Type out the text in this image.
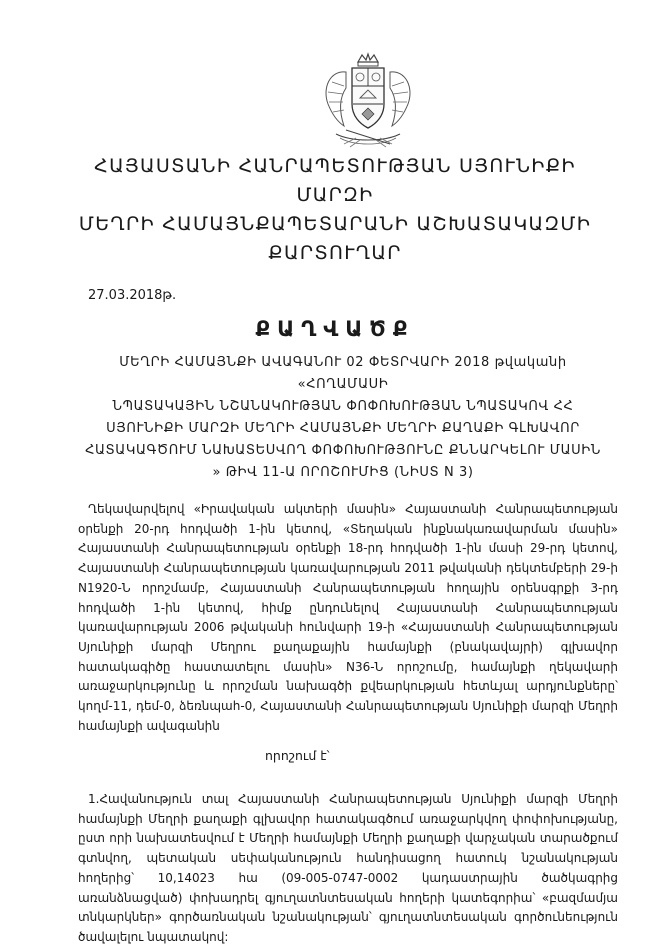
ՀԱՅԱՍՏԱՆԻ ՀԱՆՐԱՊԵՏՈՒԹՅԱՆ ՍՅՈՒՆԻՔԻ ՄԱՐԶԻ
ՄԵՂՐԻ ՀԱՄԱՅՆՔԱՊԵՏԱՐԱՆԻ ԱՇԽԱՏԱԿԱԶՄԻ
ՔԱՐՏՈՒՂԱՐ
27.03.2018թ.
ՔԱՂՎԱԾՔ
ՄԵՂՐԻ ՀԱՄԱՅՆՔԻ ԱՎԱԳԱՆՈՒ 02 ՓԵՏՐՎԱՐԻ 2018 թվականի «ՀՈՂԱՄԱՍԻ
ՆՊԱՏԱԿԱՅԻՆ ՆՇԱՆԱԿՈՒԹՅԱՆ ՓՈՓՈԽՈՒԹՅԱՆ ՆՊԱՏԱԿՈՎ ՀՀ
ՍՅՈՒՆԻՔԻ ՄԱՐԶԻ ՄԵՂՐԻ ՀԱՄԱՅՆՔԻ ՄԵՂՐԻ ՔԱՂԱՔԻ ԳԼԽԱՎՈՐ
ՀԱՏԱԿԱԳԾՈՒՄ ՆԱԽԱՏԵՍՎՈՂ ՓՈՓՈԽՈՒԹՅՈՒՆԸ ՔՆՆԱՐԿԵԼՈՒ ՄԱՍԻՆ
» ԹԻՎ 11-Ա ՈՐՈՇՈՒՄԻՑ (ՆԻՍՏ N 3)
Ղեկավարվելով «Իրավական ակտերի մասին» Հայաստանի Հանրապետության օրենքի 20-րդ հոդվածի 1-ին կետով, «Տեղական ինքնակառավարման մասին» Հայաստանի Հանրապետության օրենքի 18-րդ հոդվածի 1-ին մասի 29-րդ կետով, Հայաստանի Հանրապետության կառավարության 2011 թվականի դեկտեմբերի 29-ի N1920-Ն որոշմամբ, Հայաստանի Հանրապետության հողային օրենսգրքի 3-րդ հոդվածի 1-ին կետով, հիմք ընդունելով Հայաստանի Հանրապետության կառավարության 2006 թվականի հունվարի 19-ի «Հայաստանի Հանրապետության Սյունիքի մարզի Մեղրու քաղաքային համայնքի (բնակավայրի) գլխավոր հատակագիծը հաստատելու մասին» N36-Ն որոշումը, համայնքի ղեկավարի առաջարկությունը և որոշման նախագծի քվեարկության հետևյալ արդյունքները՝ կողմ-11, դեմ-0, ձեռնպահ-0, Հայաստանի Հանրապետության Սյունիքի մարզի Մեղրի համայնքի ավագանին
որոշում է՝
1.Հավանություն տալ Հայաստանի Հանրապետության Սյունիքի մարզի Մեղրի համայնքի Մեղրի քաղաքի գլխավոր հատակագծում առաջարկվող փոփոխությանը, ըստ որի նախատեսվում է Մեղրի համայնքի Մեղրի քաղաքի վարչական տարածքում գտնվող, պետական սեփականություն հանդիսացող հատուկ նշանակության հողերից՝ 10,14023 հա (09-005-0747-0002 կադաստրային ծածկագրից առանձնացված) փոխադրել գյուղատնտեսական հողերի կատեգորիա՝ «բազմամյա տնկարկներ» գործառնական նշանակության՝ գյուղատնտեսական գործունեություն ծավալելու նպատակով:
